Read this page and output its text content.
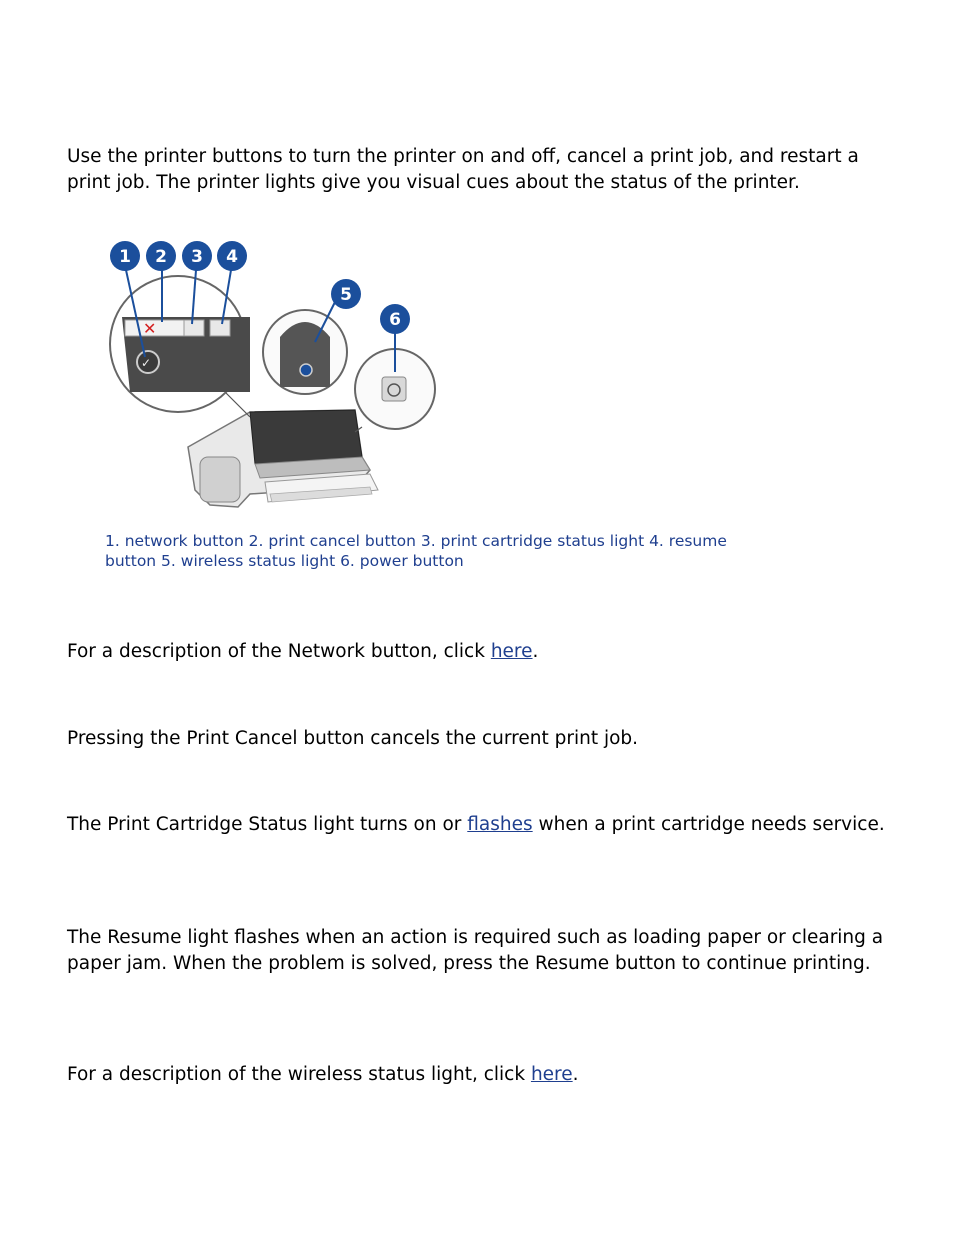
Use the printer buttons to turn the printer on and off, cancel a print job, and restart a print job. The printer lights give you visual cues about the status of the printer.

✕
✓
1 2 3 4
5
6

1. network button 2. print cancel button 3. print cartridge status light 4. resume button 5. wireless status light 6. power button

For a description of the Network button, click here.

Pressing the Print Cancel button cancels the current print job.

The Print Cartridge Status light turns on or flashes when a print cartridge needs service.

The Resume light flashes when an action is required such as loading paper or clearing a paper jam. When the problem is solved, press the Resume button to continue printing.

For a description of the wireless status light, click here.
